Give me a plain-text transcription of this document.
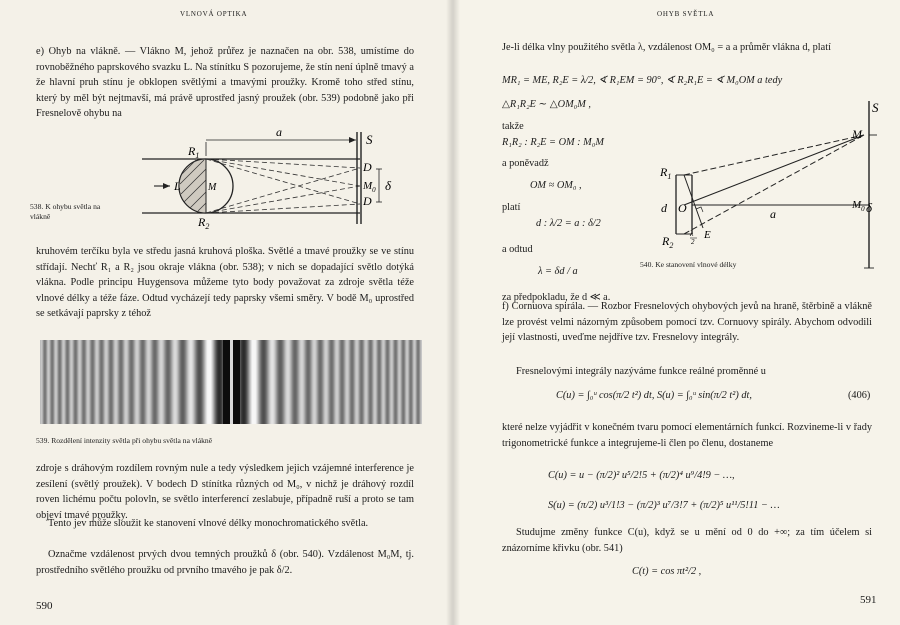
VLNOVÁ OPTIKA

e) Ohyb na vlákně. — Vlákno M, jehož průřez je naznačen na obr. 538, umístíme do rovnoběžného paprskového svazku L. Na stínítku S pozorujeme, že stín není úplně tmavý a že hlavní pruh stínu je obklopen světlými a tmavými proužky. Kromě toho střed stínu, který by měl být nejtmavší, má právě uprostřed jasný proužek (obr. 539) podobně jako při Fresnelově ohybu na

a
M
$R_1$
$R_2$
L
S
D
$M_0$
D
δ
538. K ohybu světla na vlákně

kruhovém terčíku byla ve středu jasná kruhová ploška. Světlé a tmavé proužky se ve stínu střídají. Nechť R₁ a R₂ jsou okraje vlákna (obr. 538); v nich se dopadající světlo dotýká vlákna. Podle principu Huygensova můžeme tyto body považovat za zdroje světla téže vlnové délky a téže fáze. Odtud vycházejí tedy paprsky všemi směry. V bodě M₀ uprostřed se setkávají paprsky z téhož

539. Rozdělení intenzity světla při ohybu světla na vlákně

zdroje s dráhovým rozdílem rovným nule a tedy výsledkem jejich vzájemné interference je zesílení (světlý proužek). V bodech D stínítka různých od M₀, v nichž je dráhový rozdíl roven lichému počtu polovln, se světlo interferencí zeslabuje, případně ruší a proto se tam objeví tmavé proužky.

Tento jev může sloužit ke stanovení vlnové délky monochromatického světla.

Označme vzdálenost prvých dvou temných proužků δ (obr. 540). Vzdálenost M₀M, tj. prostředního světlého proužku od prvního tmavého je pak δ/2.

590
OHYB SVĚTLA

Je-li délka vlny použitého světla λ, vzdálenost OM₀ = a a průměr vlákna d, platí

MR₁ = ME, R₂E = λ/2, ∢ R₁EM = 90°, ∢ R₂R₁E = ∢ M₀OM a tedy
△R₁R₂E ∼ △OM₀M ,
takže
R₁R₂ : R₂E = OM : M₀M
a poněvadž
OM ≈ OM₀ ,
platí
d : λ/2 = a : δ/2
a odtud
λ = δd / a
za předpokladu, že d ≪ a.
d O
$R_1$
$R_2$
a
E
λ
2
S
M
$M_0$ δ
540. Ke stanovení vlnové délky

f) Cornuova spirála. — Rozbor Fresnelových ohybových jevů na hraně, štěrbině a vlákně lze provést velmi názorným způsobem pomocí tzv. Cornuovy spirály. Abychom odvodili její vlastnosti, uveďme nejdříve tzv. Fresnelovy integrály.

Fresnelovými integrály nazýváme funkce reálné proměnné u

C(u) = ∫₀ᵘ cos(π/2 t²) dt, S(u) = ∫₀ᵘ sin(π/2 t²) dt,	(406)

které nelze vyjádřit v konečném tvaru pomocí elementárních funkcí. Rozvineme-li v řady trigonometrické funkce a integrujeme-li člen po členu, dostaneme

C(u) = u − (π/2)² u⁵/2!5 + (π/2)⁴ u⁹/4!9 − …,
S(u) = (π/2) u³/1!3 − (π/2)³ u⁷/3!7 + (π/2)⁵ u¹¹/5!11 − …

Studujme změny funkce C(u), když se u mění od 0 do +∞; za tím účelem si znázorníme křivku (obr. 541)

C(t) = cos πt²/2 ,
591
